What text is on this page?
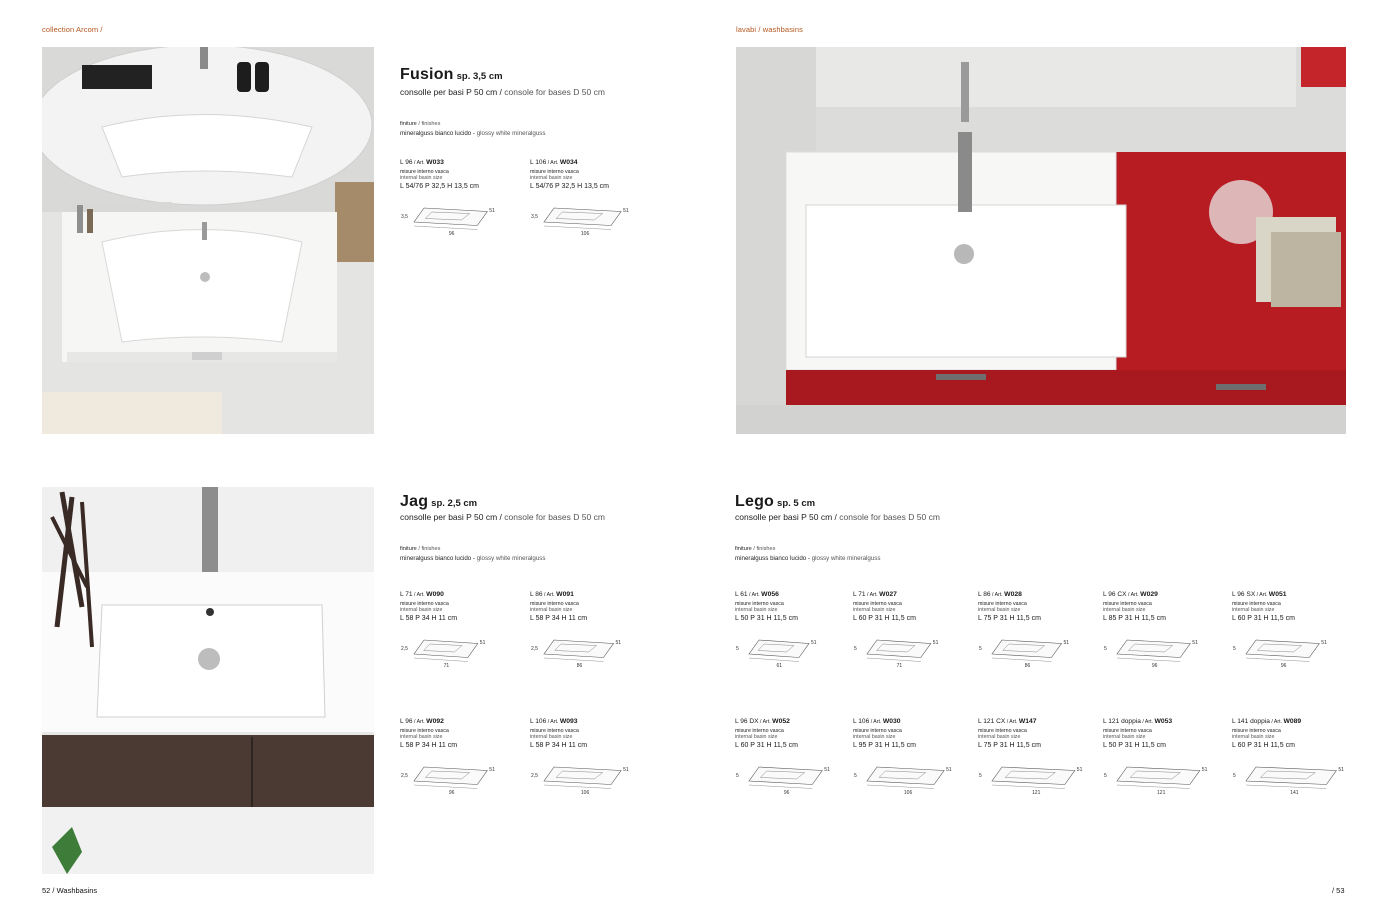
collection Arcom /	lavabi / washbasins
Fusion sp. 3,5 cm
consolle per basi P 50 cm / console for bases D 50 cm
finiture / finishes
mineralguss bianco lucido - glossy white mineralguss
L 96 / Art. W033
misure interno vasca
internal basin size
L 54/76 P 32,5 H 13,5 cm
96
3,5
51
L 106 / Art. W034
misure interno vasca
internal basin size
L 54/76 P 32,5 H 13,5 cm
106
3,5
51
Jag sp. 2,5 cm
consolle per basi P 50 cm / console for bases D 50 cm
finiture / finishes
mineralguss bianco lucido - glossy white mineralguss
L 71 / Art. W090
misure interno vasca
internal basin size
L 58 P 34 H 11 cm
71
2,5
51
L 86 / Art. W091
misure interno vasca
internal basin size
L 58 P 34 H 11 cm
86
2,5
51
L 96 / Art. W092
misure interno vasca
internal basin size
L 58 P 34 H 11 cm
96
2,5
51
L 106 / Art. W093
misure interno vasca
internal basin size
L 58 P 34 H 11 cm
106
2,5
51
Lego sp. 5 cm
consolle per basi P 50 cm / console for bases D 50 cm
finiture / finishes
mineralguss bianco lucido - glossy white mineralguss
L 61 / Art. W056
misure interno vasca
internal basin size
L 50 P 31 H 11,5 cm
61
5
51
L 71 / Art. W027
misure interno vasca
internal basin size
L 60 P 31 H 11,5 cm
71
5
51
L 86 / Art. W028
misure interno vasca
internal basin size
L 75 P 31 H 11,5 cm
86
5
51
L 96 CX / Art. W029
misure interno vasca
internal basin size
L 85 P 31 H 11,5 cm
96
5
51
L 96 SX / Art. W051
misure interno vasca
internal basin size
L 60 P 31 H 11,5 cm
96
5
51
L 96 DX / Art. W052
misure interno vasca
internal basin size
L 60 P 31 H 11,5 cm
96
5
51
L 106 / Art. W030
misure interno vasca
internal basin size
L 95 P 31 H 11,5 cm
106
5
51
L 121 CX / Art. W147
misure interno vasca
internal basin size
L 75 P 31 H 11,5 cm
121
5
51
L 121 doppia / Art. W053
misure interno vasca
internal basin size
L 50 P 31 H 11,5 cm
121
5
51
L 141 doppia / Art. W089
misure interno vasca
internal basin size
L 60 P 31 H 11,5 cm
141
5
51
52 / Washbasins	/ 53
